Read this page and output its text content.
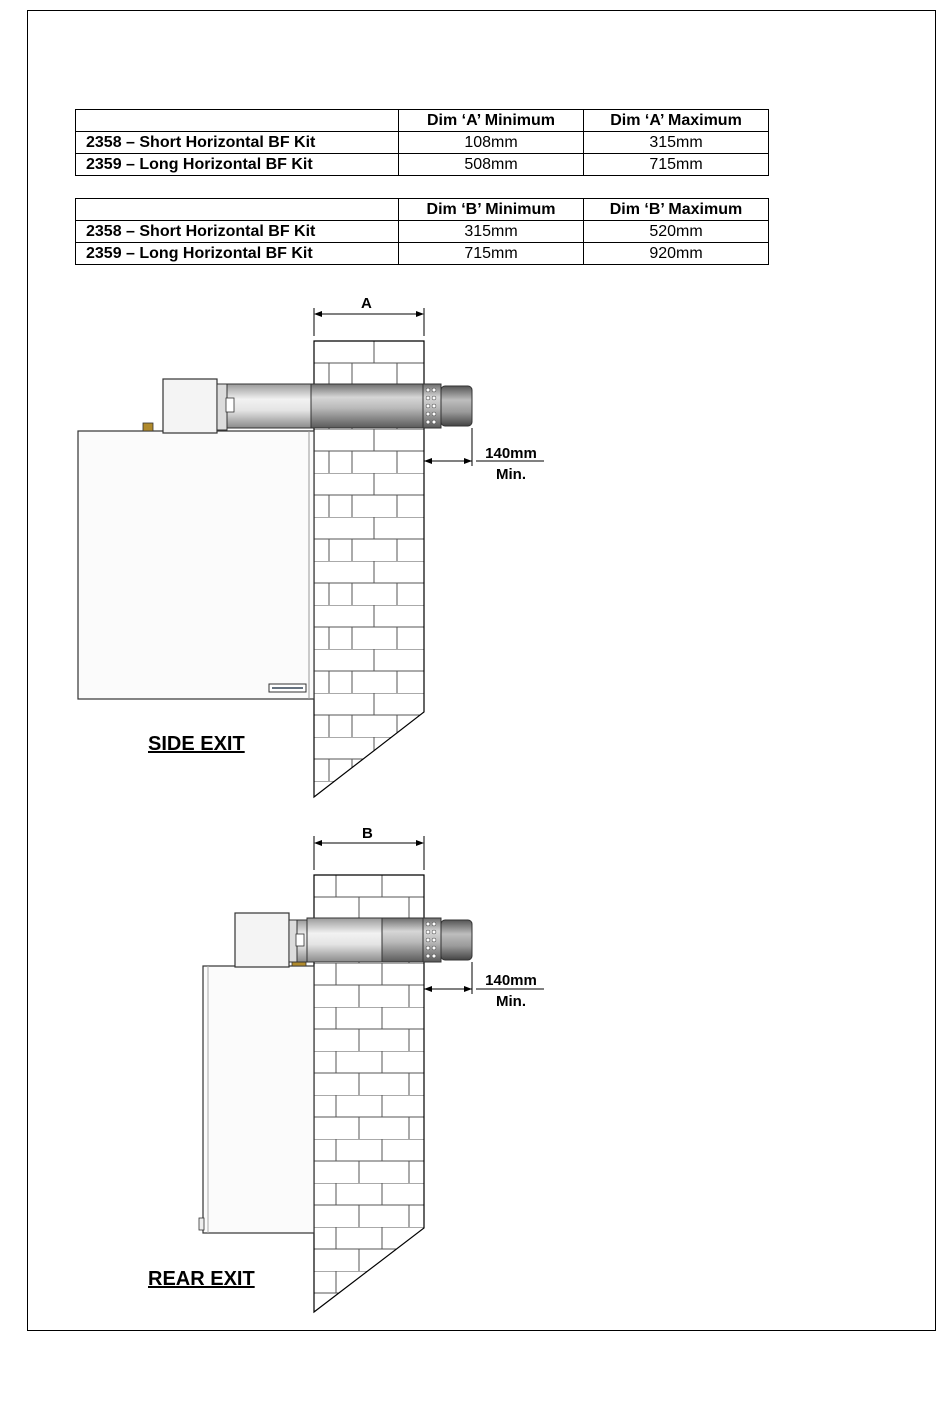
	Dim ‘A’ Minimum	Dim ‘A’ Maximum
2358 – Short Horizontal BF Kit	108mm	315mm
2359 – Long Horizontal BF Kit	508mm	715mm
	Dim ‘B’ Minimum	Dim ‘B’ Maximum
2358 – Short Horizontal BF Kit	315mm	520mm
2359 – Long Horizontal BF Kit	715mm	920mm
A
140mm
Min.
SIDE EXIT
B
140mm
Min.
REAR EXIT
